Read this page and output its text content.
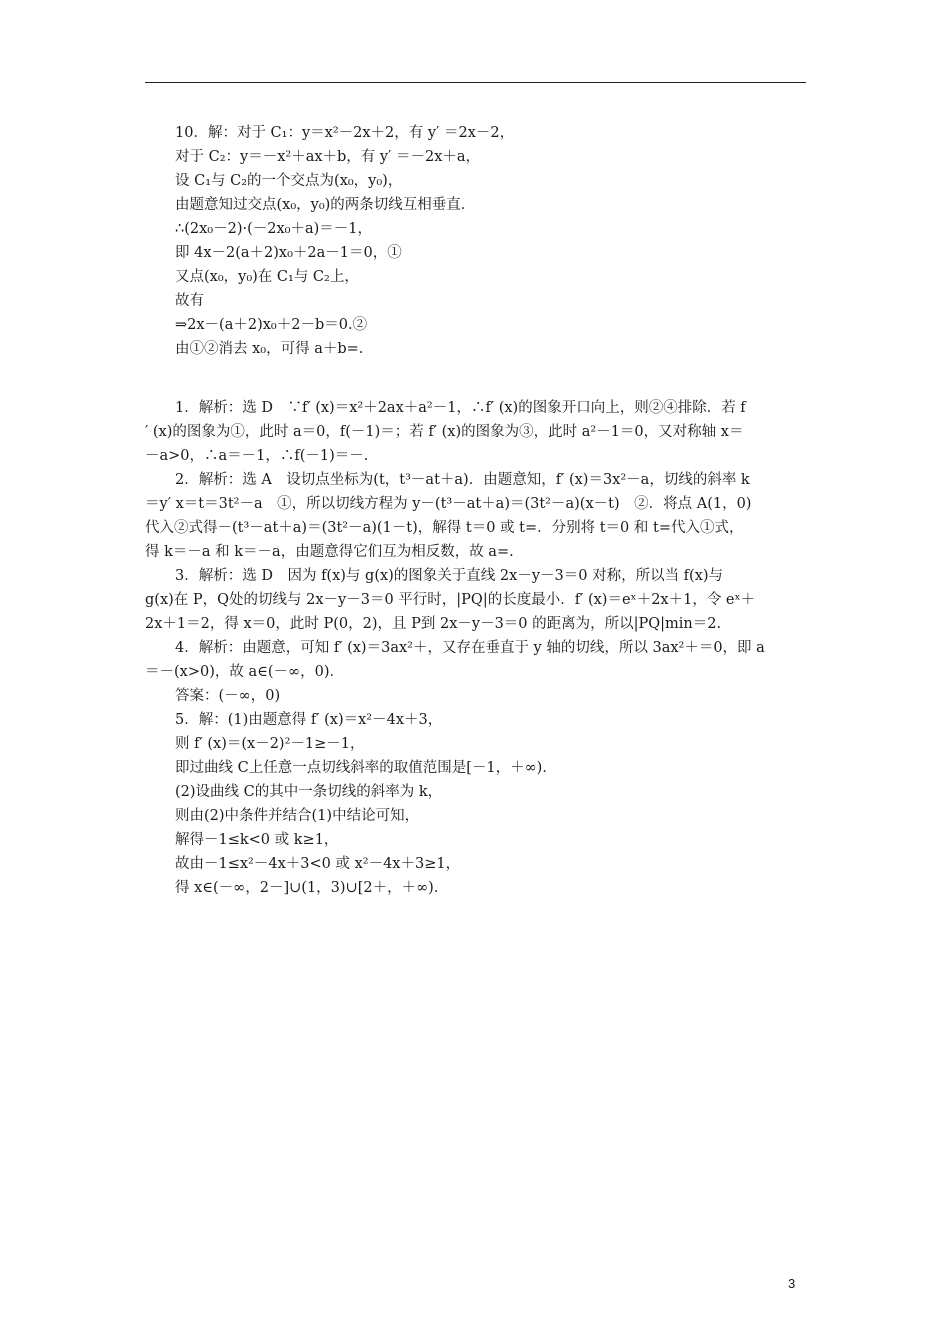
10．解：对于 C₁：y＝x²－2x＋2，有 y′ ＝2x－2，
对于 C₂：y＝－x²＋ax＋b，有 y′ ＝－2x＋a，
设 C₁与 C₂的一个交点为(x₀，y₀)，
由题意知过交点(x₀，y₀)的两条切线互相垂直．
∴(2x₀－2)·(－2x₀＋a)＝－1，
即 4x－2(a＋2)x₀＋2a－1＝0，①
又点(x₀，y₀)在 C₁与 C₂上，
故有
⇒2x－(a＋2)x₀＋2－b＝0.②
由①②消去 x₀，可得 a＋b=.
1．解析：选 D　∵f′ (x)＝x²＋2ax＋a²－1，∴f′ (x)的图象开口向上，则②④排除．若 f
′ (x)的图象为①，此时 a＝0，f(－1)＝；若 f′ (x)的图象为③，此时 a²－1＝0，又对称轴 x＝
－a>0，∴a＝－1，∴f(－1)＝－.
2．解析：选 A　设切点坐标为(t，t³－at＋a)．由题意知，f′ (x)＝3x²－a，切线的斜率 k
＝y′ x＝t＝3t²－a　①，所以切线方程为 y－(t³－at＋a)＝(3t²－a)(x－t)　②．将点 A(1，0)
代入②式得－(t³－at＋a)＝(3t²－a)(1－t)，解得 t＝0 或 t=．分别将 t＝0 和 t=代入①式，
得 k＝－a 和 k＝－a，由题意得它们互为相反数，故 a=.
3．解析：选 D　因为 f(x)与 g(x)的图象关于直线 2x－y－3＝0 对称，所以当 f(x)与
g(x)在 P，Q处的切线与 2x－y－3＝0 平行时，|PQ|的长度最小．f′ (x)＝eˣ＋2x＋1，令 eˣ＋
2x＋1＝2，得 x＝0，此时 P(0，2)，且 P到 2x－y－3＝0 的距离为，所以|PQ|min＝2.
4．解析：由题意，可知 f′ (x)＝3ax²＋，又存在垂直于 y 轴的切线，所以 3ax²＋＝0，即 a
＝－(x>0)，故 a∈(－∞，0)．
答案：(－∞，0)
5．解：(1)由题意得 f′ (x)＝x²－4x＋3，
则 f′ (x)＝(x－2)²－1≥－1，
即过曲线 C上任意一点切线斜率的取值范围是[－1，＋∞)．
(2)设曲线 C的其中一条切线的斜率为 k，
则由(2)中条件并结合(1)中结论可知，
解得－1≤k<0 或 k≥1，
故由－1≤x²－4x＋3<0 或 x²－4x＋3≥1，
得 x∈(－∞，2－]∪(1，3)∪[2＋，＋∞)．
3
